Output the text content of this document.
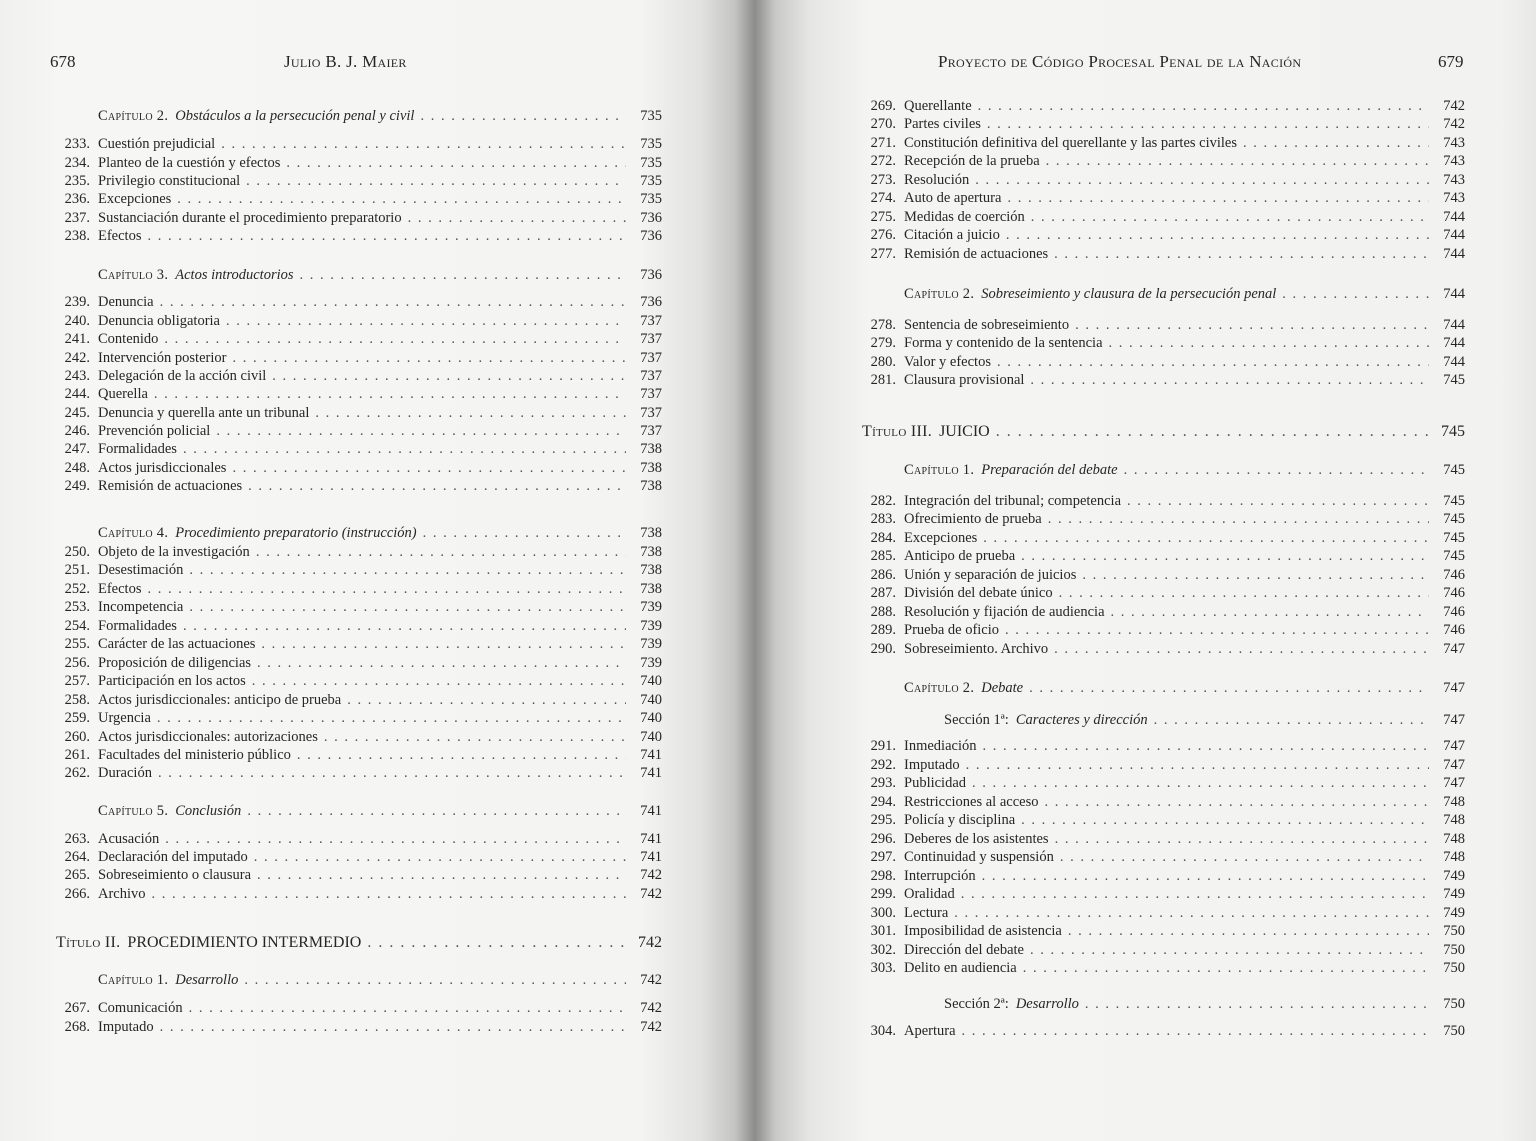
678	Julio B. J. Maier
Capítulo 2. Obstáculos a la persecución penal y civil . . .	735
233. Cuestión prejudicial . . .	735
234. Planteo de la cuestión y efectos . . .	735
235. Privilegio constitucional . . .	735
236. Excepciones . . .	735
237. Sustanciación durante el procedimiento preparatorio . . .	736
238. Efectos . . .	736
Capítulo 3. Actos introductorios . . .	736
239. Denuncia . . .	736
240. Denuncia obligatoria . . .	737
241. Contenido . . .	737
242. Intervención posterior . . .	737
243. Delegación de la acción civil . . .	737
244. Querella . . .	737
245. Denuncia y querella ante un tribunal . . .	737
246. Prevención policial . . .	737
247. Formalidades . . .	738
248. Actos jurisdiccionales . . .	738
249. Remisión de actuaciones . . .	738
Capítulo 4. Procedimiento preparatorio (instrucción) . . .	738
250. Objeto de la investigación . . .	738
251. Desestimación . . .	738
252. Efectos . . .	738
253. Incompetencia . . .	739
254. Formalidades . . .	739
255. Carácter de las actuaciones . . .	739
256. Proposición de diligencias . . .	739
257. Participación en los actos . . .	740
258. Actos jurisdiccionales: anticipo de prueba . . .	740
259. Urgencia . . .	740
260. Actos jurisdiccionales: autorizaciones . . .	740
261. Facultades del ministerio público . . .	741
262. Duración . . .	741
Capítulo 5. Conclusión . . .	741
263. Acusación . . .	741
264. Declaración del imputado . . .	741
265. Sobreseimiento o clausura . . .	742
266. Archivo . . .	742
Título II. PROCEDIMIENTO INTERMEDIO . . .	742
Capítulo 1. Desarrollo . . .	742
267. Comunicación . . .	742
268. Imputado . . .	742
Proyecto de Código Procesal Penal de la Nación	679
269. Querellante . . .	742
270. Partes civiles . . .	742
271. Constitución definitiva del querellante y las partes civiles . . .	743
272. Recepción de la prueba . . .	743
273. Resolución . . .	743
274. Auto de apertura . . .	743
275. Medidas de coerción . . .	744
276. Citación a juicio . . .	744
277. Remisión de actuaciones . . .	744
Capítulo 2. Sobreseimiento y clausura de la persecución penal . . .	744
278. Sentencia de sobreseimiento . . .	744
279. Forma y contenido de la sentencia . . .	744
280. Valor y efectos . . .	744
281. Clausura provisional . . .	745
Título III. JUICIO . . .	745
Capítulo 1. Preparación del debate . . .	745
282. Integración del tribunal; competencia . . .	745
283. Ofrecimiento de prueba . . .	745
284. Excepciones . . .	745
285. Anticipo de prueba . . .	745
286. Unión y separación de juicios . . .	746
287. División del debate único . . .	746
288. Resolución y fijación de audiencia . . .	746
289. Prueba de oficio . . .	746
290. Sobreseimiento. Archivo . . .	747
Capítulo 2. Debate . . .	747
Sección 1ª: Caracteres y dirección . . .	747
291. Inmediación . . .	747
292. Imputado . . .	747
293. Publicidad . . .	747
294. Restricciones al acceso . . .	748
295. Policía y disciplina . . .	748
296. Deberes de los asistentes . . .	748
297. Continuidad y suspensión . . .	748
298. Interrupción . . .	749
299. Oralidad . . .	749
300. Lectura . . .	749
301. Imposibilidad de asistencia . . .	750
302. Dirección del debate . . .	750
303. Delito en audiencia . . .	750
Sección 2ª: Desarrollo . . .	750
304. Apertura . . .	750
